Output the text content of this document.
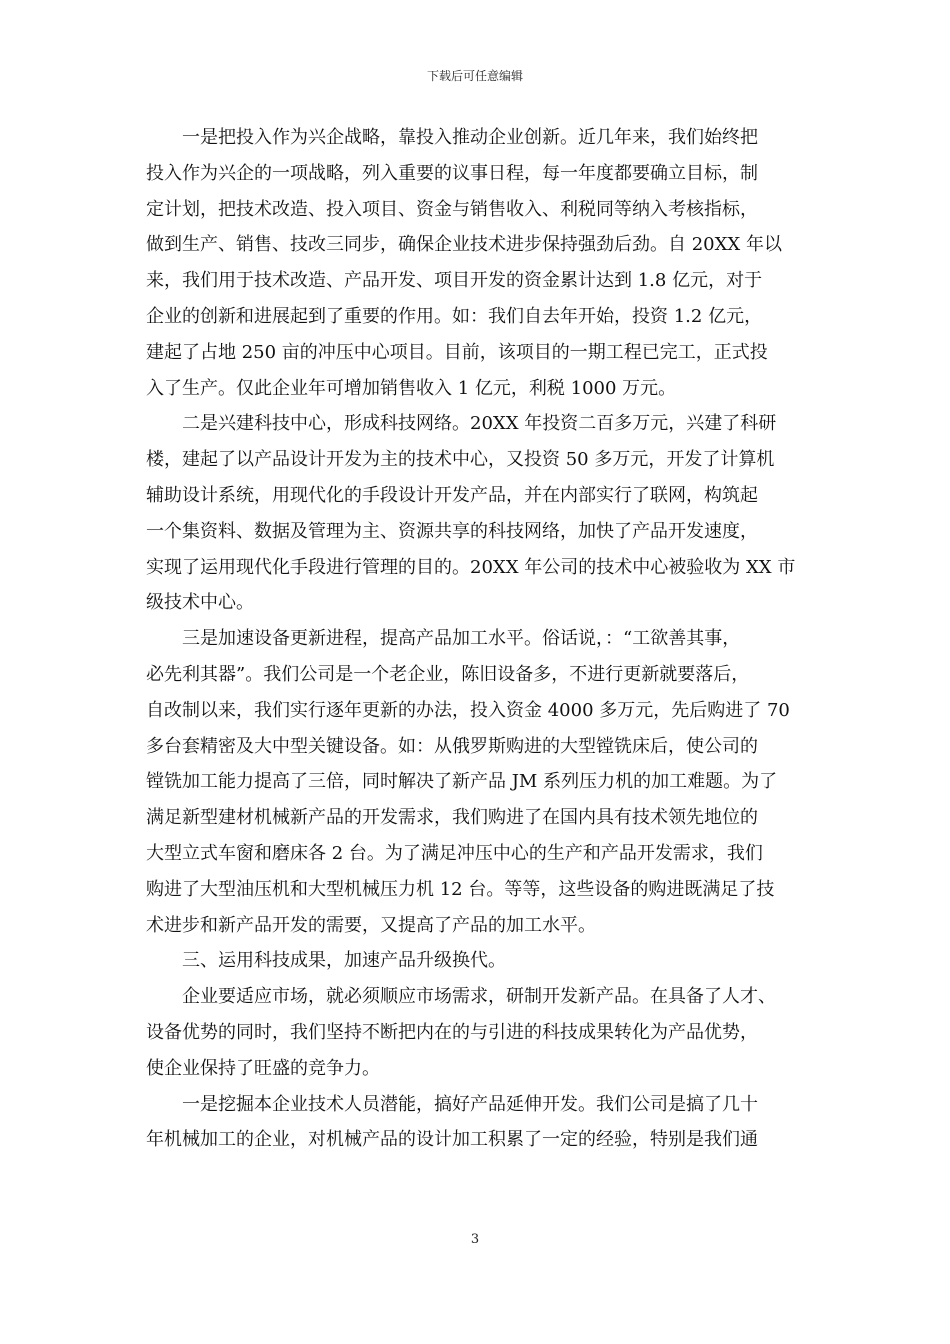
下载后可任意编辑
一是把投入作为兴企战略，靠投入推动企业创新。近几年来，我们始终把
投入作为兴企的一项战略，列入重要的议事日程，每一年度都要确立目标，制
定计划，把技术改造、投入项目、资金与销售收入、利税同等纳入考核指标，
做到生产、销售、技改三同步，确保企业技术进步保持强劲后劲。自 20XX 年以
来，我们用于技术改造、产品开发、项目开发的资金累计达到 1.8 亿元，对于
企业的创新和进展起到了重要的作用。如：我们自去年开始，投资 1.2 亿元，
建起了占地 250 亩的冲压中心项目。目前，该项目的一期工程已完工，正式投
入了生产。仅此企业年可增加销售收入 1 亿元，利税 1000 万元。
二是兴建科技中心，形成科技网络。20XX 年投资二百多万元，兴建了科研
楼，建起了以产品设计开发为主的技术中心，又投资 50 多万元，开发了计算机
辅助设计系统，用现代化的手段设计开发产品，并在内部实行了联网，构筑起
一个集资料、数据及管理为主、资源共享的科技网络，加快了产品开发速度，
实现了运用现代化手段进行管理的目的。20XX 年公司的技术中心被验收为 XX 市
级技术中心。
三是加速设备更新进程，提高产品加工水平。俗话说，：“工欲善其事，
必先利其器”。我们公司是一个老企业，陈旧设备多，不进行更新就要落后，
自改制以来，我们实行逐年更新的办法，投入资金 4000 多万元，先后购进了 70
多台套精密及大中型关键设备。如：从俄罗斯购进的大型镗铣床后，使公司的
镗铣加工能力提高了三倍，同时解决了新产品 JM 系列压力机的加工难题。为了
满足新型建材机械新产品的开发需求，我们购进了在国内具有技术领先地位的
大型立式车窗和磨床各 2 台。为了满足冲压中心的生产和产品开发需求，我们
购进了大型油压机和大型机械压力机 12 台。等等，这些设备的购进既满足了技
术进步和新产品开发的需要，又提高了产品的加工水平。
三、运用科技成果，加速产品升级换代。
企业要适应市场，就必须顺应市场需求，研制开发新产品。在具备了人才、
设备优势的同时，我们坚持不断把内在的与引进的科技成果转化为产品优势，
使企业保持了旺盛的竞争力。
一是挖掘本企业技术人员潜能，搞好产品延伸开发。我们公司是搞了几十
年机械加工的企业，对机械产品的设计加工积累了一定的经验，特别是我们通
3
